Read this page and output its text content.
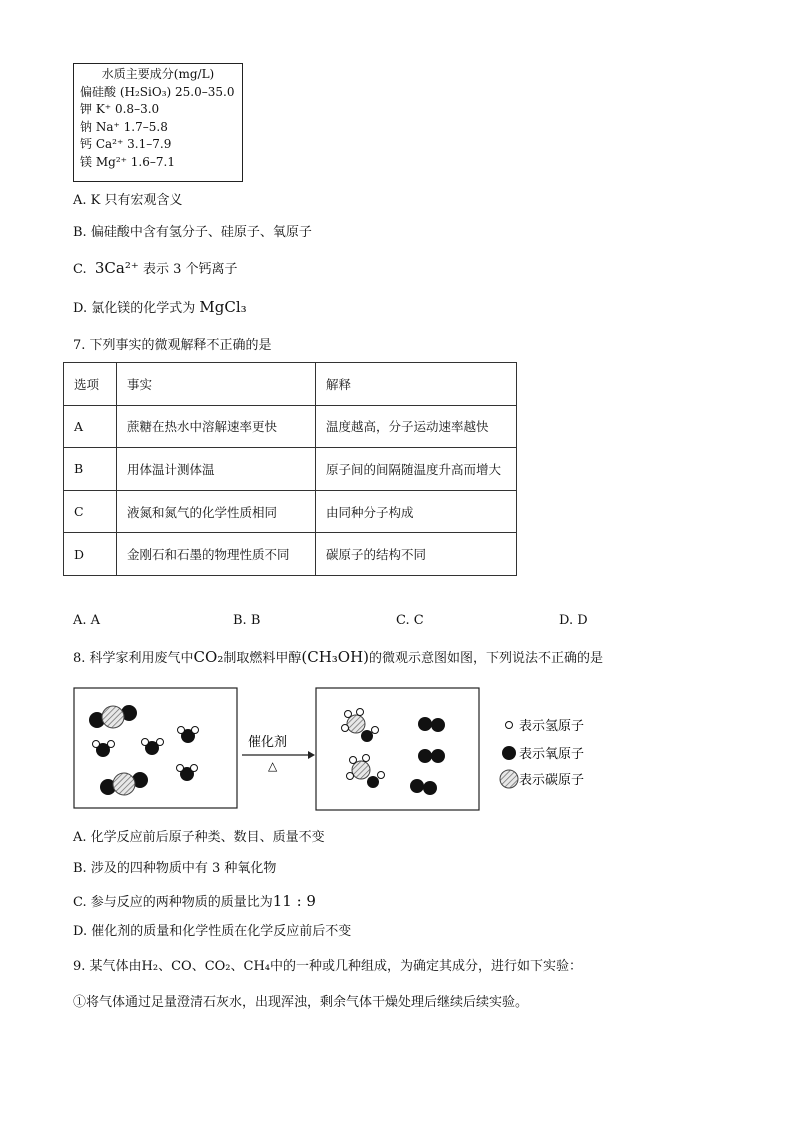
水质主要成分(mg/L)
偏硅酸 (H₂SiO₃) 25.0–35.0
钾 K⁺ 0.8–3.0
钠 Na⁺ 1.7–5.8
钙 Ca²⁺ 3.1–7.9
镁 Mg²⁺ 1.6–7.1
A. K 只有宏观含义
B. 偏硅酸中含有氢分子、硅原子、氧原子
C. 3Ca²⁺ 表示 3 个钙离子
D. 氯化镁的化学式为 MgCl₃
7. 下列事实的微观解释不正确的是
选项	事实	解释
A	蔗糖在热水中溶解速率更快	温度越高，分子运动速率越快
B	用体温计测体温	原子间的间隔随温度升高而增大
C	液氮和氮气的化学性质相同	由同种分子构成
D	金刚石和石墨的物理性质不同	碳原子的结构不同
A. A	B. B	C. C	D. D
8. 科学家利用废气中CO₂制取燃料甲醇(CH₃OH)的微观示意图如图，下列说法不正确的是
催化剂
△
表示氢原子
表示氧原子
表示碳原子
A. 化学反应前后原子种类、数目、质量不变
B. 涉及的四种物质中有 3 种氧化物
C. 参与反应的两种物质的质量比为11 : 9
D. 催化剂的质量和化学性质在化学反应前后不变
9. 某气体由H₂、CO、CO₂、CH₄中的一种或几种组成，为确定其成分，进行如下实验：
①将气体通过足量澄清石灰水，出现浑浊，剩余气体干燥处理后继续后续实验。
